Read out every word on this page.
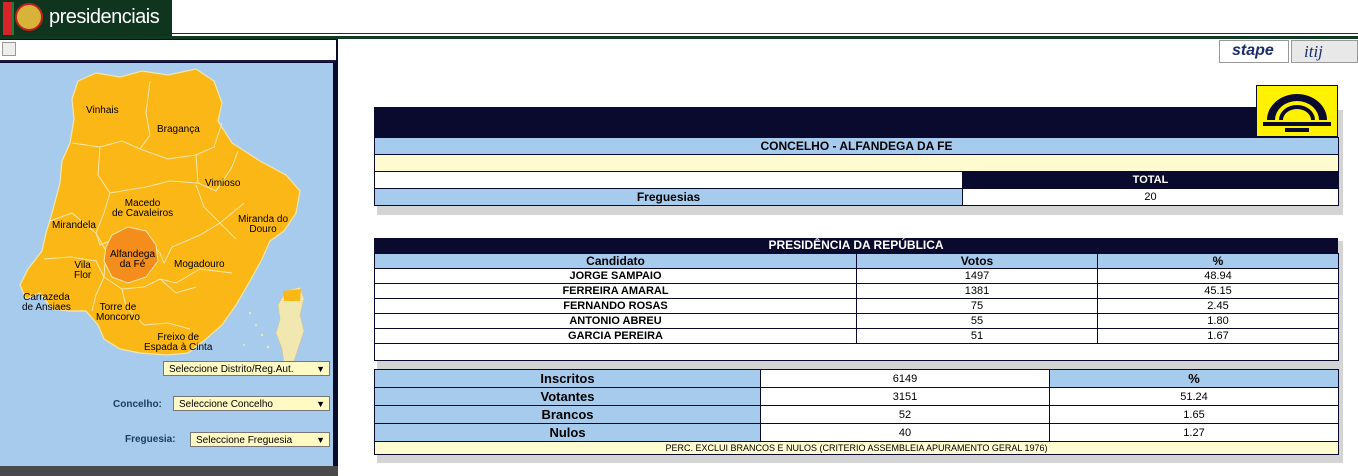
presidenciais
Vinhais
Bragança
Vimioso
Macedo
de Cavaleiros
Mirandela
Miranda do
Douro
Alfandega
da Fé
Vila
Flor
Mogadouro
Carrazeda
de Ansiaes	Torre de
Moncorvo
Freixo de
Espada à Cinta
Seleccione Distrito/Reg.Aut.	▼
Concelho:	Seleccione Concelho	▼
Freguesia:	Seleccione Freguesia	▼
stape itij
CONCELHO - ALFANDEGA DA FE	

	TOTAL
Freguesias	20
PRESIDÊNCIA DA REPÚBLICA
Candidato	Votos	%
JORGE SAMPAIO	1497	48.94
FERREIRA AMARAL	1381	45.15
FERNANDO ROSAS	75	2.45
ANTONIO ABREU	55	1.80
GARCIA PEREIRA	51	1.67

Inscritos	6149	%
Votantes	3151	51.24
Brancos	52	1.65
Nulos	40	1.27
PERC. EXCLUI BRANCOS E NULOS (CRITERIO ASSEMBLEIA APURAMENTO GERAL 1976)		
